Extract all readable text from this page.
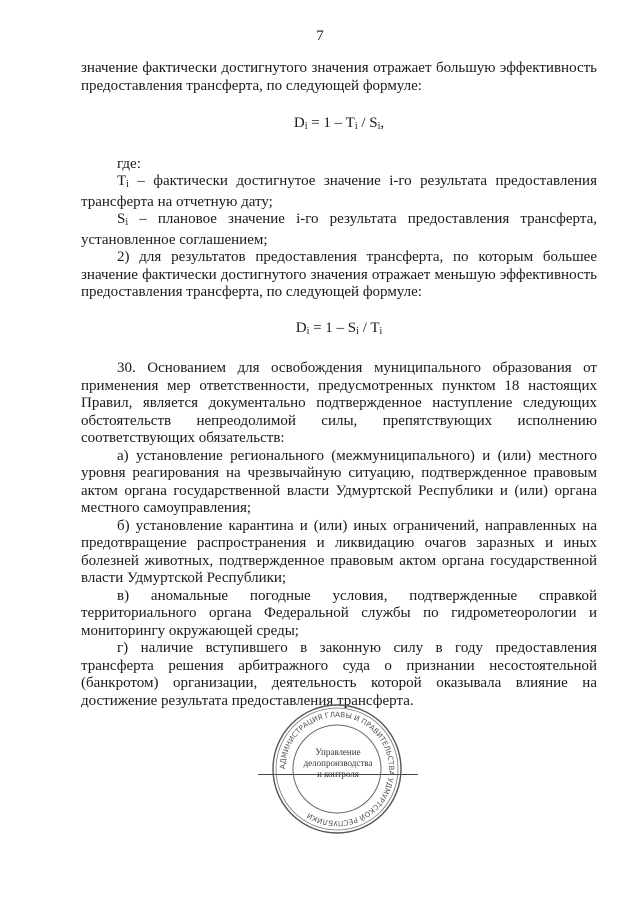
7

значение фактически достигнутого значения отражает большую эффективность предоставления трансферта, по следующей формуле:

Di = 1 – Ti / Si,

где:

Ti – фактически достигнутое значение i-го результата предоставления трансферта на отчетную дату;

Si – плановое значение i-го результата предоставления трансферта, установленное соглашением;

2) для результатов предоставления трансферта, по которым большее значение фактически достигнутого значения отражает меньшую эффективность предоставления трансферта, по следующей формуле:

Di = 1 – Si / Ti

30. Основанием для освобождения муниципального образования от применения мер ответственности, предусмотренных пунктом 18 настоящих Правил, является документально подтвержденное наступление следующих обстоятельств непреодолимой силы, препятствующих исполнению соответствующих обязательств:

а) установление регионального (межмуниципального) и (или) местного уровня реагирования на чрезвычайную ситуацию, подтвержденное правовым актом органа государственной власти Удмуртской Республики и (или) органа местного самоуправления;

б) установление карантина и (или) иных ограничений, направленных на предотвращение распространения и ликвидацию очагов заразных и иных болезней животных, подтвержденное правовым актом органа государственной власти Удмуртской Республики;

в) аномальные погодные условия, подтвержденные справкой территориального органа Федеральной службы по гидрометеорологии и мониторингу окружающей среды;

г) наличие вступившего в законную силу в году предоставления трансферта решения арбитражного суда о признании несостоятельной (банкротом) организации, деятельность которой оказывала влияние на достижение результата предоставления трансферта.

АДМИНИСТРАЦИЯ ГЛАВЫ И ПРАВИТЕЛЬСТВА УДМУРТСКОЙ РЕСПУБЛИКИ
Управление
делопроизводства
и контроля
